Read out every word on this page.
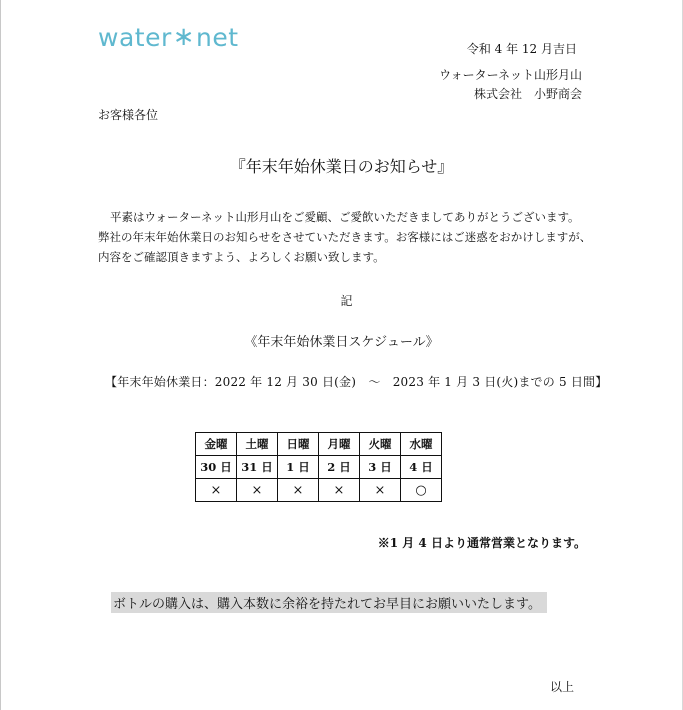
water ∗ net	令和 4 年 12 月吉日
ウォーターネット山形月山
株式会社　小野商会
お客様各位
『年末年始休業日のお知らせ』
平素はウォーターネット山形月山をご愛顧、ご愛飲いただきましてありがとうございます。
弊社の年末年始休業日のお知らせをさせていただきます。お客様にはご迷惑をおかけしますが、
内容をご確認頂きますよう、よろしくお願い致します。
記
《年末年始休業日スケジュール》
【年末年始休業日：2022 年 12 月 30 日(金)　～　2023 年 1 月 3 日(火)までの 5 日間】
金曜	土曜	日曜	月曜	火曜	水曜
30 日	31 日	1 日	2 日	3 日	4 日
×	×	×	×	×	○
※1 月 4 日より通常営業となります。
ボトルの購入は、購入本数に余裕を持たれてお早目にお願いいたします。
以上
